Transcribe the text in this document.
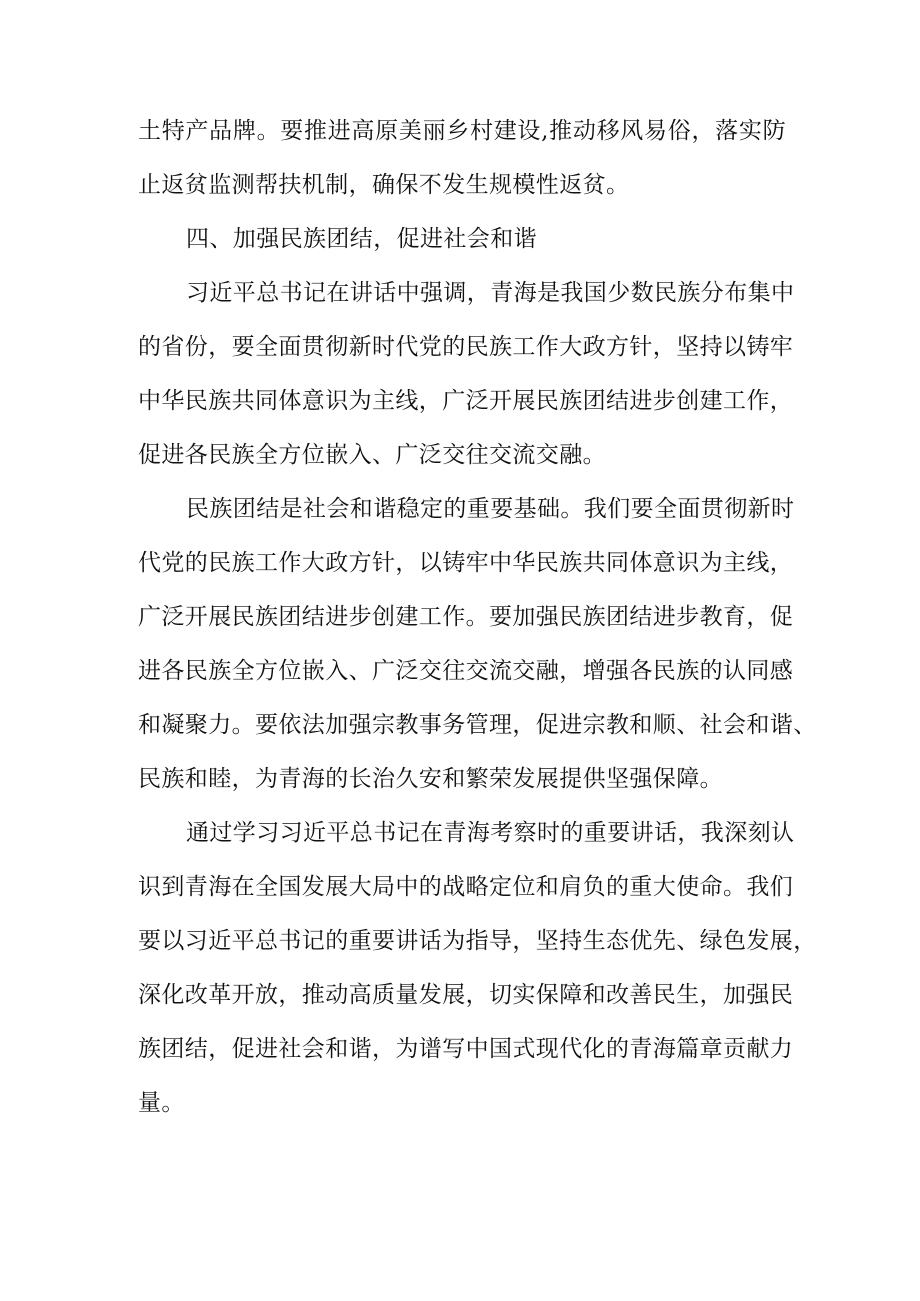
土特产品牌。要推进高原美丽乡村建设,推动移风易俗，落实防
止返贫监测帮扶机制，确保不发生规模性返贫。
四、加强民族团结，促进社会和谐
习近平总书记在讲话中强调，青海是我国少数民族分布集中
的省份，要全面贯彻新时代党的民族工作大政方针，坚持以铸牢
中华民族共同体意识为主线，广泛开展民族团结进步创建工作，
促进各民族全方位嵌入、广泛交往交流交融。
民族团结是社会和谐稳定的重要基础。我们要全面贯彻新时
代党的民族工作大政方针，以铸牢中华民族共同体意识为主线，
广泛开展民族团结进步创建工作。要加强民族团结进步教育，促
进各民族全方位嵌入、广泛交往交流交融，增强各民族的认同感
和凝聚力。要依法加强宗教事务管理，促进宗教和顺、社会和谐、
民族和睦，为青海的长治久安和繁荣发展提供坚强保障。
通过学习习近平总书记在青海考察时的重要讲话，我深刻认
识到青海在全国发展大局中的战略定位和肩负的重大使命。我们
要以习近平总书记的重要讲话为指导，坚持生态优先、绿色发展，
深化改革开放，推动高质量发展，切实保障和改善民生，加强民
族团结，促进社会和谐，为谱写中国式现代化的青海篇章贡献力
量。
